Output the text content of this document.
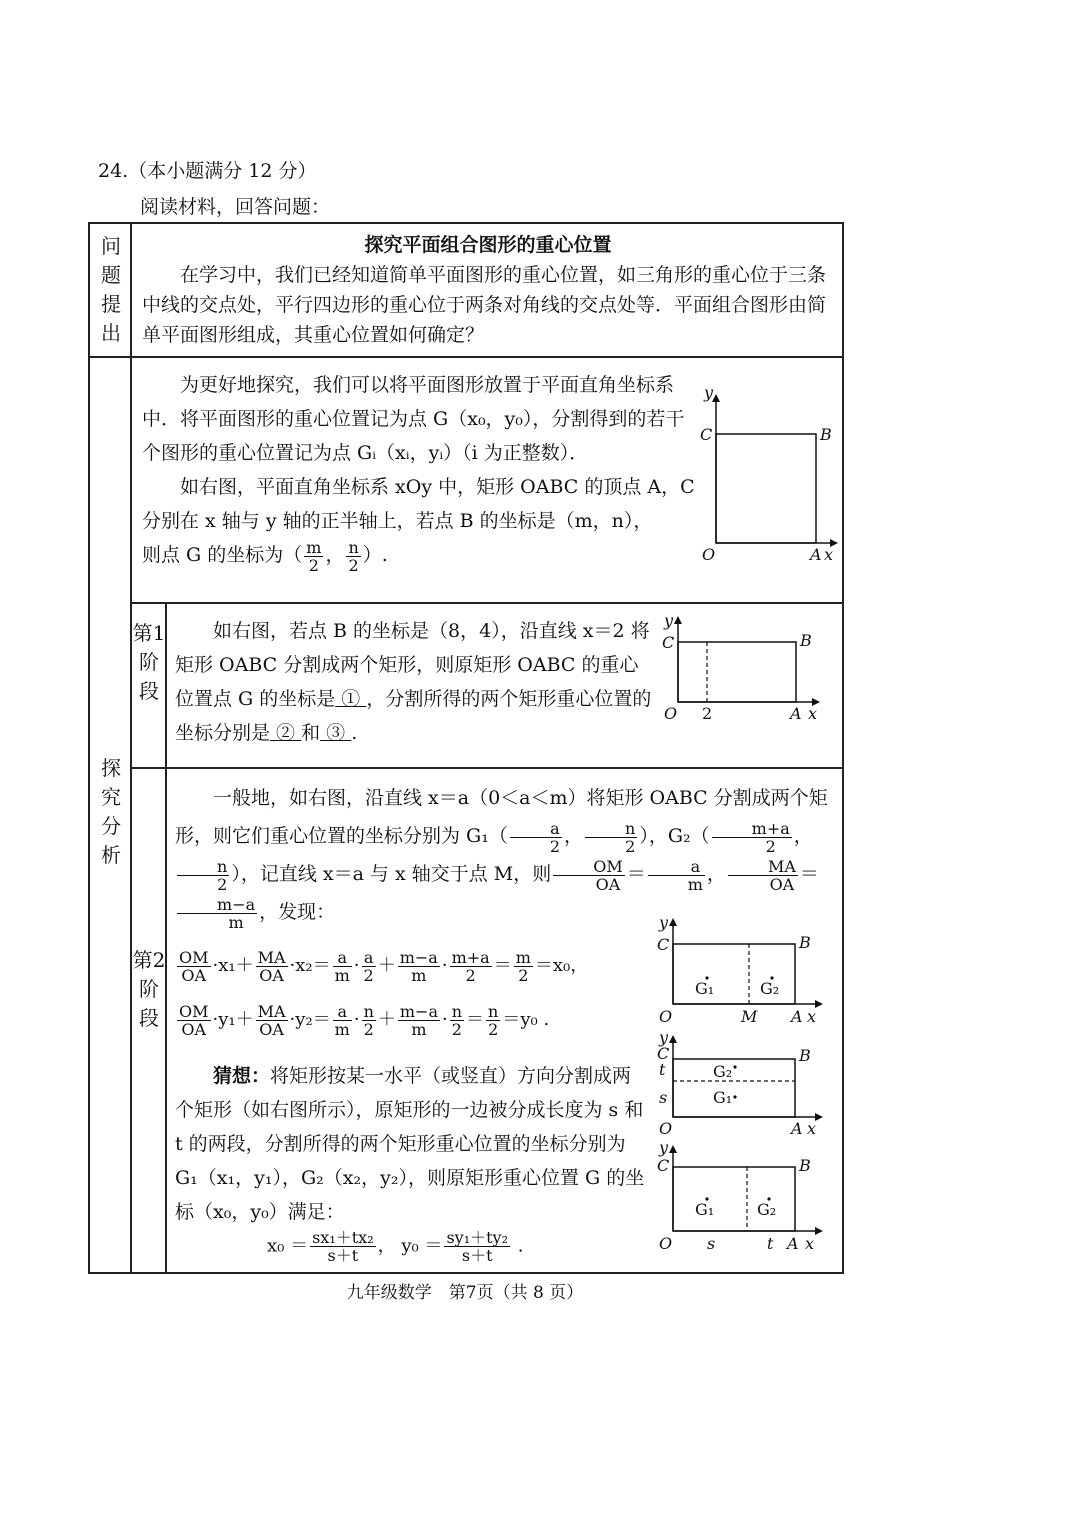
24.（本小题满分 12 分）
阅读材料，回答问题：
问题提出
探究平面组合图形的重心位置
在学习中，我们已经知道简单平面图形的重心位置，如三角形的重心位于三条中线的交点处，平行四边形的重心位于两条对角线的交点处等．平面组合图形由简单平面图形组成，其重心位置如何确定？
探究分析

为更好地探究，我们可以将平面图形放置于平面直角坐标系中．将平面图形的重心位置记为点 G（x₀，y₀），分割得到的若干个图形的重心位置记为点 Gᵢ（xᵢ，yᵢ）（i 为正整数）．

如右图，平面直角坐标系 xOy 中，矩形 OABC 的顶点 A，C 分别在 x 轴与 y 轴的正半轴上，若点 B 的坐标是（m，n），

则点 G 的坐标为（ $\frac{m}{2}$ ， $\frac{n}{2}$ ）.

y
C	B
O	A x
第1阶段
如右图，若点 B 的坐标是（8，4），沿直线 x＝2 将矩形 OABC 分割成两个矩形，则原矩形 OABC 的重心位置点 G 的坐标是 ① ，分割所得的两个矩形重心位置的坐标分别是 ② 和 ③ .
y
C	B
O 2	A x
第2阶段

一般地，如右图，沿直线 x＝a（0＜a＜m）将矩形 OABC 分割成两个矩形，则它们重心位置的坐标分别为 $G_1( \frac{a}{2}$ ， $\frac{n}{2}$ ），$G_2( \frac{m+a}{2}$ ，
$\frac{n}{2}$ ），记直线 x＝a 与 x 轴交于点 M，则 $\frac{OM}{OA} = \frac{a}{m}$ ， $\frac{MA}{OA}$ ＝
$\frac{m-a}{m}$ ，发现：

$\frac{OM}{OA} \cdot x_1+ \frac{MA}{OA} \cdot x_2= \frac{a}{m} \cdot \frac{a}{2} + \frac{m-a}{m} \cdot \frac{m+a}{2} = \frac{m}{2} =x_0$，

$\frac{OM}{OA} \cdot y_1+ \frac{MA}{OA} \cdot y_2= \frac{a}{m} \cdot \frac{n}{2} + \frac{m-a}{m} \cdot \frac{n}{2} = \frac{n}{2} =y_0$ .

猜想：将矩形按某一水平（或竖直）方向分割成两个矩形（如右图所示），原矩形的一边被分成长度为 s 和 t 的两段，分割所得的两个矩形重心位置的坐标分别为 G₁（x₁，y₁），G₂（x₂，y₂），则原矩形重心位置 G 的坐标（x₀，y₀）满足：

$x_0 = \frac{\text{sx₁＋tx₂}}{s+t}$ ， $y_0 = \frac{\text{sy₁＋ty₂}}{s+t}$ .
G₁	G₂
y
C	B
O	M A x
G₂
G₁
y
C
t
s
B
O	A x
G₁	G₂
y
C	B
O s	t A x
九年级数学　第7页（共 8 页）
